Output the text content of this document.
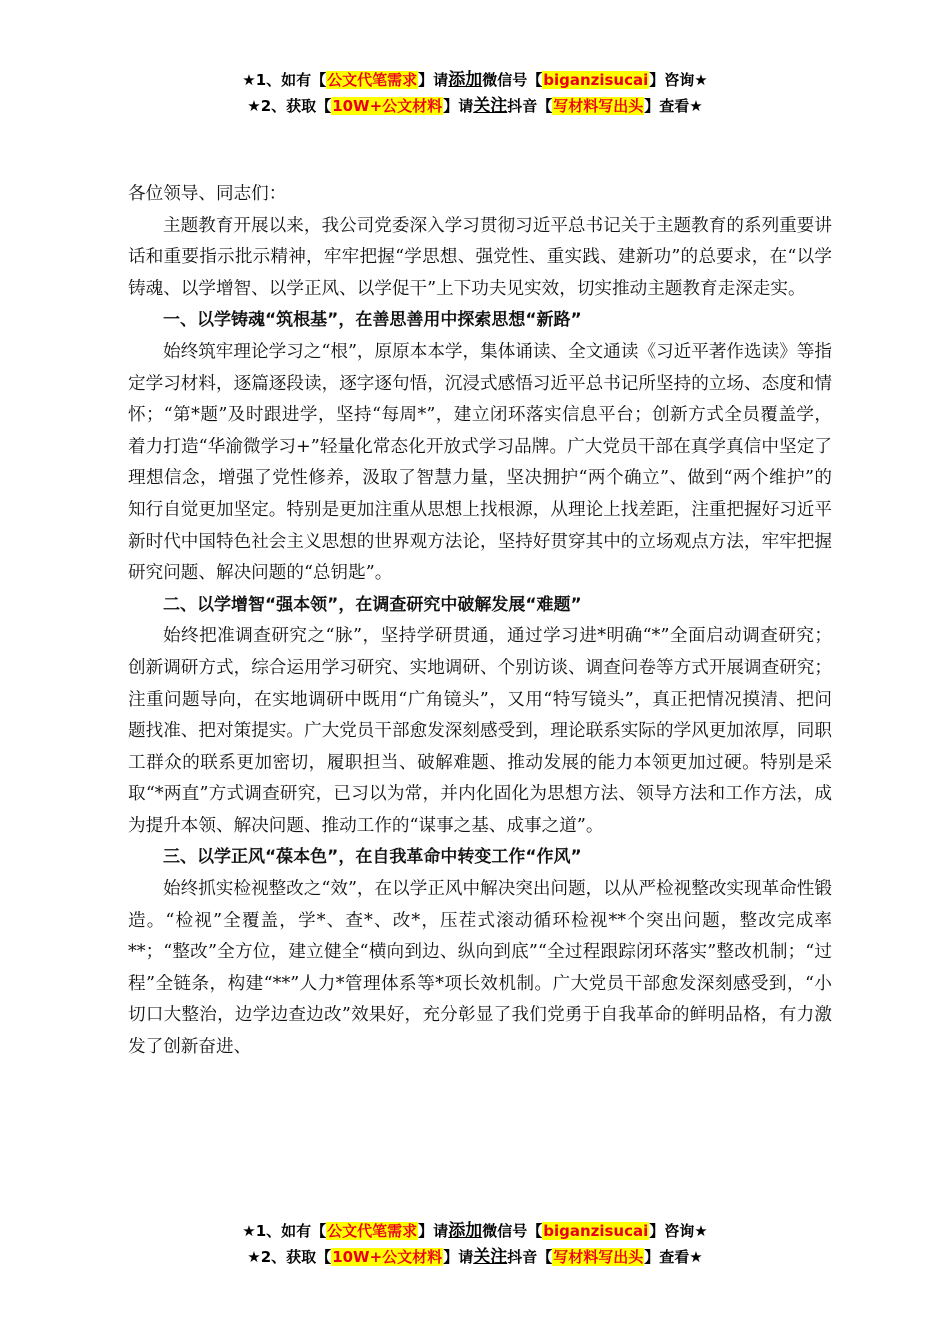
★1、如有【公文代笔需求】请添加微信号【biganzisucai】咨询★
★2、获取【10W+公文材料】请关注抖音【写材料写出头】查看★

各位领导、同志们：

主题教育开展以来，我公司党委深入学习贯彻习近平总书记关于主题教育的系列重要讲话和重要指示批示精神，牢牢把握“学思想、强党性、重实践、建新功”的总要求，在“以学铸魂、以学增智、以学正风、以学促干”上下功夫见实效，切实推动主题教育走深走实。

一、以学铸魂“筑根基”，在善思善用中探索思想“新路”

始终筑牢理论学习之“根”，原原本本学，集体诵读、全文通读《习近平著作选读》等指定学习材料，逐篇逐段读，逐字逐句悟，沉浸式感悟习近平总书记所坚持的立场、态度和情怀；“第*题”及时跟进学，坚持“每周*”，建立闭环落实信息平台；创新方式全员覆盖学，着力打造“华渝微学习+”轻量化常态化开放式学习品牌。广大党员干部在真学真信中坚定了理想信念，增强了党性修养，汲取了智慧力量，坚决拥护“两个确立”、做到“两个维护”的知行自觉更加坚定。特别是更加注重从思想上找根源，从理论上找差距，注重把握好习近平新时代中国特色社会主义思想的世界观方法论，坚持好贯穿其中的立场观点方法，牢牢把握研究问题、解决问题的“总钥匙”。

二、以学增智“强本领”，在调查研究中破解发展“难题”

始终把准调查研究之“脉”，坚持学研贯通，通过学习进*明确“*”全面启动调查研究；创新调研方式，综合运用学习研究、实地调研、个别访谈、调查问卷等方式开展调查研究；注重问题导向，在实地调研中既用“广角镜头”，又用“特写镜头”，真正把情况摸清、把问题找准、把对策提实。广大党员干部愈发深刻感受到，理论联系实际的学风更加浓厚，同职工群众的联系更加密切，履职担当、破解难题、推动发展的能力本领更加过硬。特别是采取“*两直”方式调查研究，已习以为常，并内化固化为思想方法、领导方法和工作方法，成为提升本领、解决问题、推动工作的“谋事之基、成事之道”。

三、以学正风“葆本色”，在自我革命中转变工作“作风”

始终抓实检视整改之“效”，在以学正风中解决突出问题，以从严检视整改实现革命性锻造。“检视”全覆盖，学*、查*、改*，压茬式滚动循环检视**个突出问题，整改完成率**；“整改”全方位，建立健全“横向到边、纵向到底”“全过程跟踪闭环落实”整改机制；“过程”全链条，构建“**”人力*管理体系等*项长效机制。广大党员干部愈发深刻感受到，“小切口大整治，边学边查边改”效果好，充分彰显了我们党勇于自我革命的鲜明品格，有力激发了创新奋进、

★1、如有【公文代笔需求】请添加微信号【biganzisucai】咨询★
★2、获取【10W+公文材料】请关注抖音【写材料写出头】查看★
